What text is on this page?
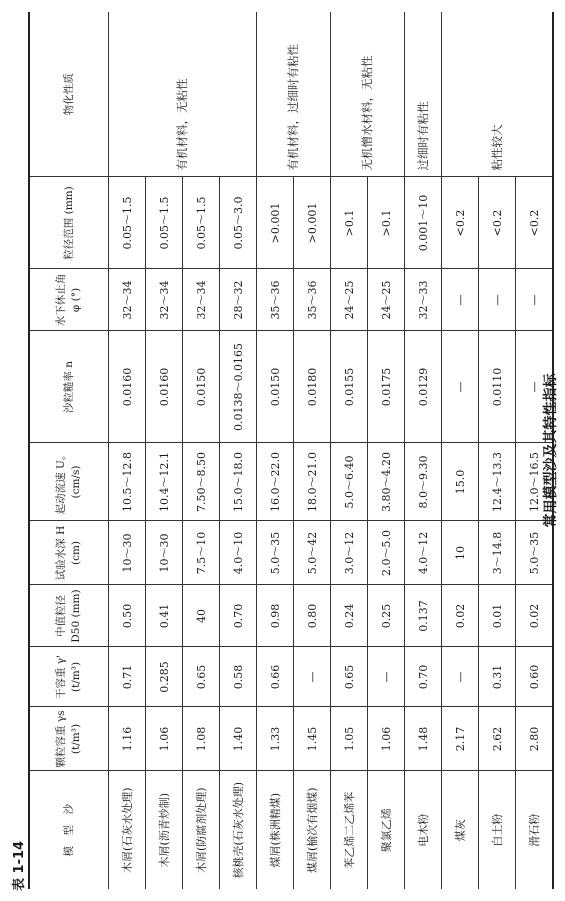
表 1-14
模　型　沙	颗粒容重 γs (t/m³)	干容重 γ' (t/m³)	中值粒径 D50 (mm)	试验水深 H (cm)	起动流速 U。 (cm/s)	沙粒糙率 n	水下休止角 φ (°)	粒径范围 (mm)	物化性质
木屑(石灰水处理)	1.16	0.71	0.50	10～30	10.5～12.8	0.0160	32～34	0.05～1.5	有机材料，无粘性
木屑(沥青炒制)	1.06	0.285	0.41	10～30	10.4～12.1	0.0160	32～34	0.05～1.5	
木屑(防腐剂处理)	1.08	0.65	40	7.5～10	7.50～8.50	0.0150	32～34	0.05～1.5	
核桃壳(石灰水处理)	1.40	0.58	0.70	4.0～10	15.0～18.0	0.0138～0.0165	28～32	0.05～3.0	
煤屑(株洲精煤)	1.33	0.66	0.98	5.0～35	16.0～22.0	0.0150	35～36	>0.001	有机材料，过细时有粘性
煤屑(榆次有烟煤)	1.45	—	0.80	5.0～42	18.0～21.0	0.0180	35～36	>0.001	
苯乙烯二乙烯苯	1.05	0.65	0.24	3.0～12	5.0～6.40	0.0155	24～25	>0.1	无机憎水材料，无粘性
聚氯乙烯	1.06	—	0.25	2.0～5.0	3.80～4.20	0.0175	24～25	>0.1	
电木粉	1.48	0.70	0.137	4.0～12	8.0～9.30	0.0129	32～33	0.001～10	过细时有粘性
煤灰	2.17	—	0.02	10	15.0	—	—	<0.2	粘性较大
白土粉	2.62	0.31	0.01	3～14.8	12.4～13.3	0.0110	—	<0.2	
滑石粉	2.80	0.60	0.02	5.0～35	12.0～16.5	—	—	<0.2	
常用模型沙及其特性指标
